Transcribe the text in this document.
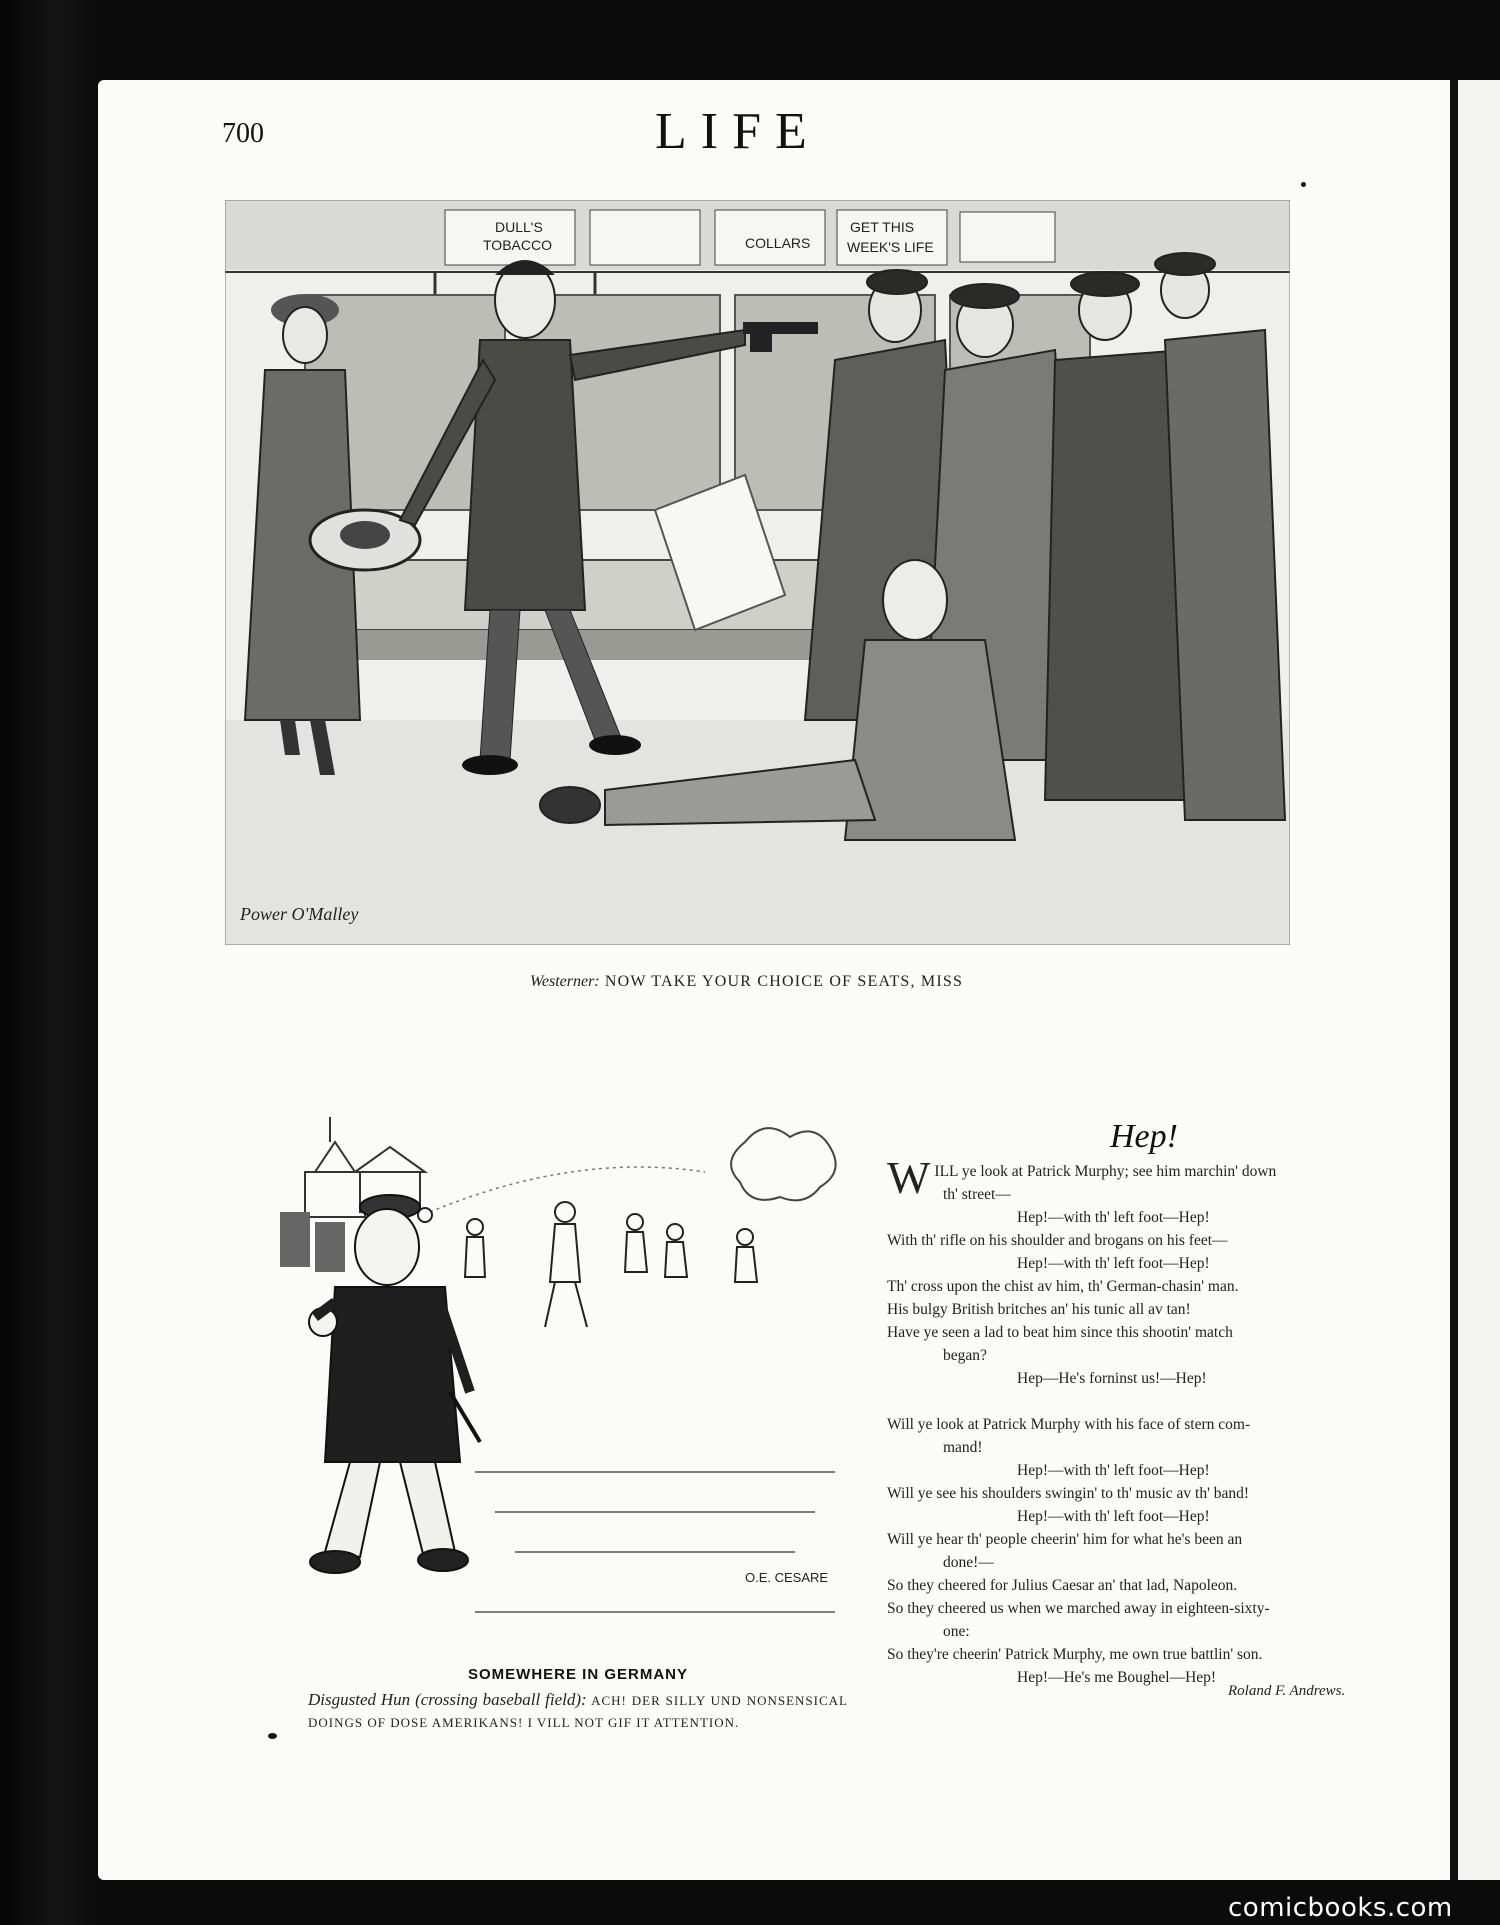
700	LIFE
DULL'S
TOBACCO	COLLARS
GET THIS
WEEK'S LIFE
Power O'Malley
Westerner: NOW TAKE YOUR CHOICE OF SEATS, MISS
O.E. CESARE
SOMEWHERE IN GERMANY
Disgusted Hun (crossing baseball field): ACH! DER SILLY UND NONSENSICAL DOINGS OF DOSE AMERIKANS! I VILL NOT GIF IT ATTENTION.
Hep!
W ILL ye look at Patrick Murphy; see him marchin' down
th' street—
Hep!—with th' left foot—Hep!
With th' rifle on his shoulder and brogans on his feet—
Hep!—with th' left foot—Hep!
Th' cross upon the chist av him, th' German-chasin' man.
His bulgy British britches an' his tunic all av tan!
Have ye seen a lad to beat him since this shootin' match
began?
Hep—He's forninst us!—Hep!
Will ye look at Patrick Murphy with his face of stern com-
mand!
Hep!—with th' left foot—Hep!
Will ye see his shoulders swingin' to th' music av th' band!
Hep!—with th' left foot—Hep!
Will ye hear th' people cheerin' him for what he's been an
done!—
So they cheered for Julius Caesar an' that lad, Napoleon.
So they cheered us when we marched away in eighteen-sixty-
one:
So they're cheerin' Patrick Murphy, me own true battlin' son.
Hep!—He's me Boughel—Hep!
Roland F. Andrews.
comicbooks.com
